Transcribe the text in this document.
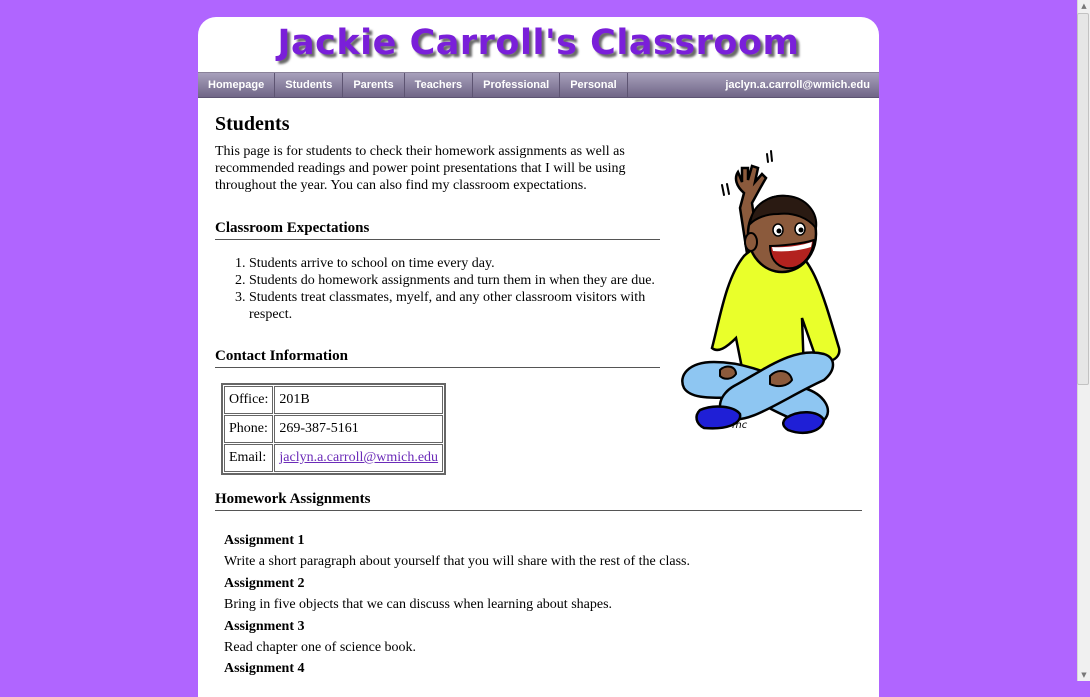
Jackie Carroll's Classroom
Homepage	Students	Parents	Teachers	Professional	Personal	jaclyn.a.carroll@wmich.edu
Students

This page is for students to check their homework assignments as well as recommended readings and power point presentations that I will be using throughout the year. You can also find my classroom expectations.

Classroom Expectations
1. Students arrive to school on time every day.
2. Students do homework assignments and turn them in when they are due.
3. Students treat classmates, myelf, and any other classroom visitors with respect.
Contact Information
Office:	201B
Phone:	269-387-5161
Email:	jaclyn.a.carroll@wmich.edu
Homework Assignments
Assignment 1
Write a short paragraph about yourself that you will share with the rest of the class.
Assignment 2
Bring in five objects that we can discuss when learning about shapes.
Assignment 3
Read chapter one of science book.
Assignment 4
mc
▲
▼
